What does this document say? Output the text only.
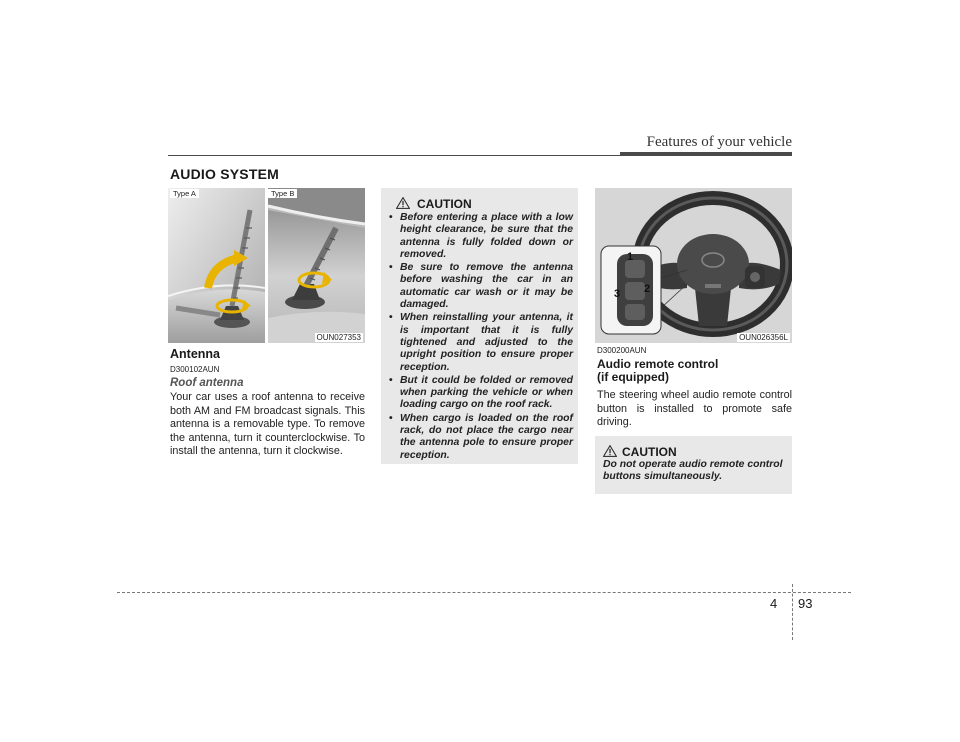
Features of your vehicle
AUDIO SYSTEM
Type A	Type B
OUN027353
Antenna
D300102AUN
Roof antenna
Your car uses a roof antenna to receive both AM and FM broadcast signals. This antenna is a removable type. To remove the antenna, turn it counterclockwise. To install the antenna, turn it clockwise.
CAUTION
• Before entering a place with a low height clearance, be sure that the antenna is fully folded down or removed.
• Be sure to remove the antenna before washing the car in an automatic car wash or it may be damaged.
• When reinstalling your antenna, it is important that it is fully tightened and adjusted to the upright position to ensure proper reception.
• But it could be folded or removed when parking the vehicle or when loading cargo on the roof rack.
• When cargo is loaded on the roof rack, do not place the cargo near the antenna pole to ensure proper reception.
1
2
3
OUN026356L
D300200AUN
Audio remote control
(if equipped)
The steering wheel audio remote control button is installed to promote safe driving.
CAUTION
Do not operate audio remote control buttons simultaneously.
4 93
